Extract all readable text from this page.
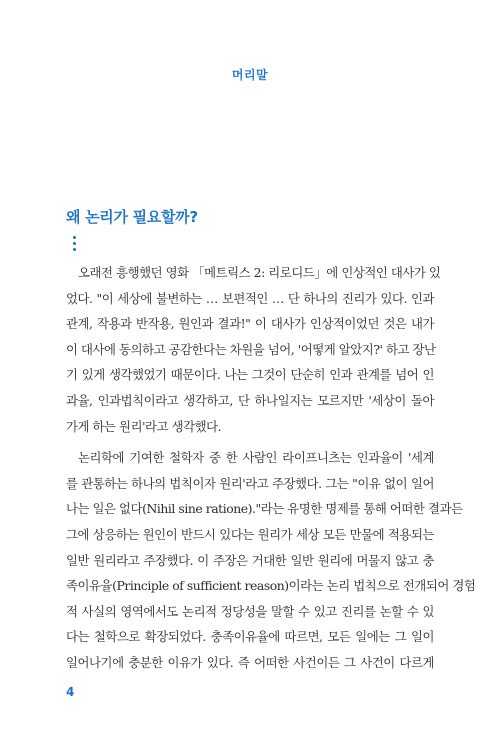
머리말
왜 논리가 필요할까?
오래전 흥행했던 영화 「메트릭스 2: 리로디드」에 인상적인 대사가 있
었다. "이 세상에 불변하는 … 보편적인 … 단 하나의 진리가 있다. 인과
관계, 작용과 반작용, 원인과 결과!" 이 대사가 인상적이었던 것은 내가
이 대사에 동의하고 공감한다는 차원을 넘어, '어떻게 알았지?' 하고 장난
기 있게 생각했었기 때문이다. 나는 그것이 단순히 인과 관계를 넘어 인
과율, 인과법칙이라고 생각하고, 단 하나일지는 모르지만 '세상이 돌아
가게 하는 원리'라고 생각했다.
논리학에 기여한 철학자 중 한 사람인 라이프니츠는 인과율이 '세계
를 관통하는 하나의 법칙이자 원리'라고 주장했다. 그는 "이유 없이 일어
나는 일은 없다(Nihil sine ratione)."라는 유명한 명제를 통해 어떠한 결과든
그에 상응하는 원인이 반드시 있다는 원리가 세상 모든 만물에 적용되는
일반 원리라고 주장했다. 이 주장은 거대한 일반 원리에 머물지 않고 충
족이유율(Principle of sufficient reason)이라는 논리 법칙으로 전개되어 경험
적 사실의 영역에서도 논리적 정당성을 말할 수 있고 진리를 논할 수 있
다는 철학으로 확장되었다. 충족이유율에 따르면, 모든 일에는 그 일이
일어나기에 충분한 이유가 있다. 즉 어떠한 사건이든 그 사건이 다르게
4
